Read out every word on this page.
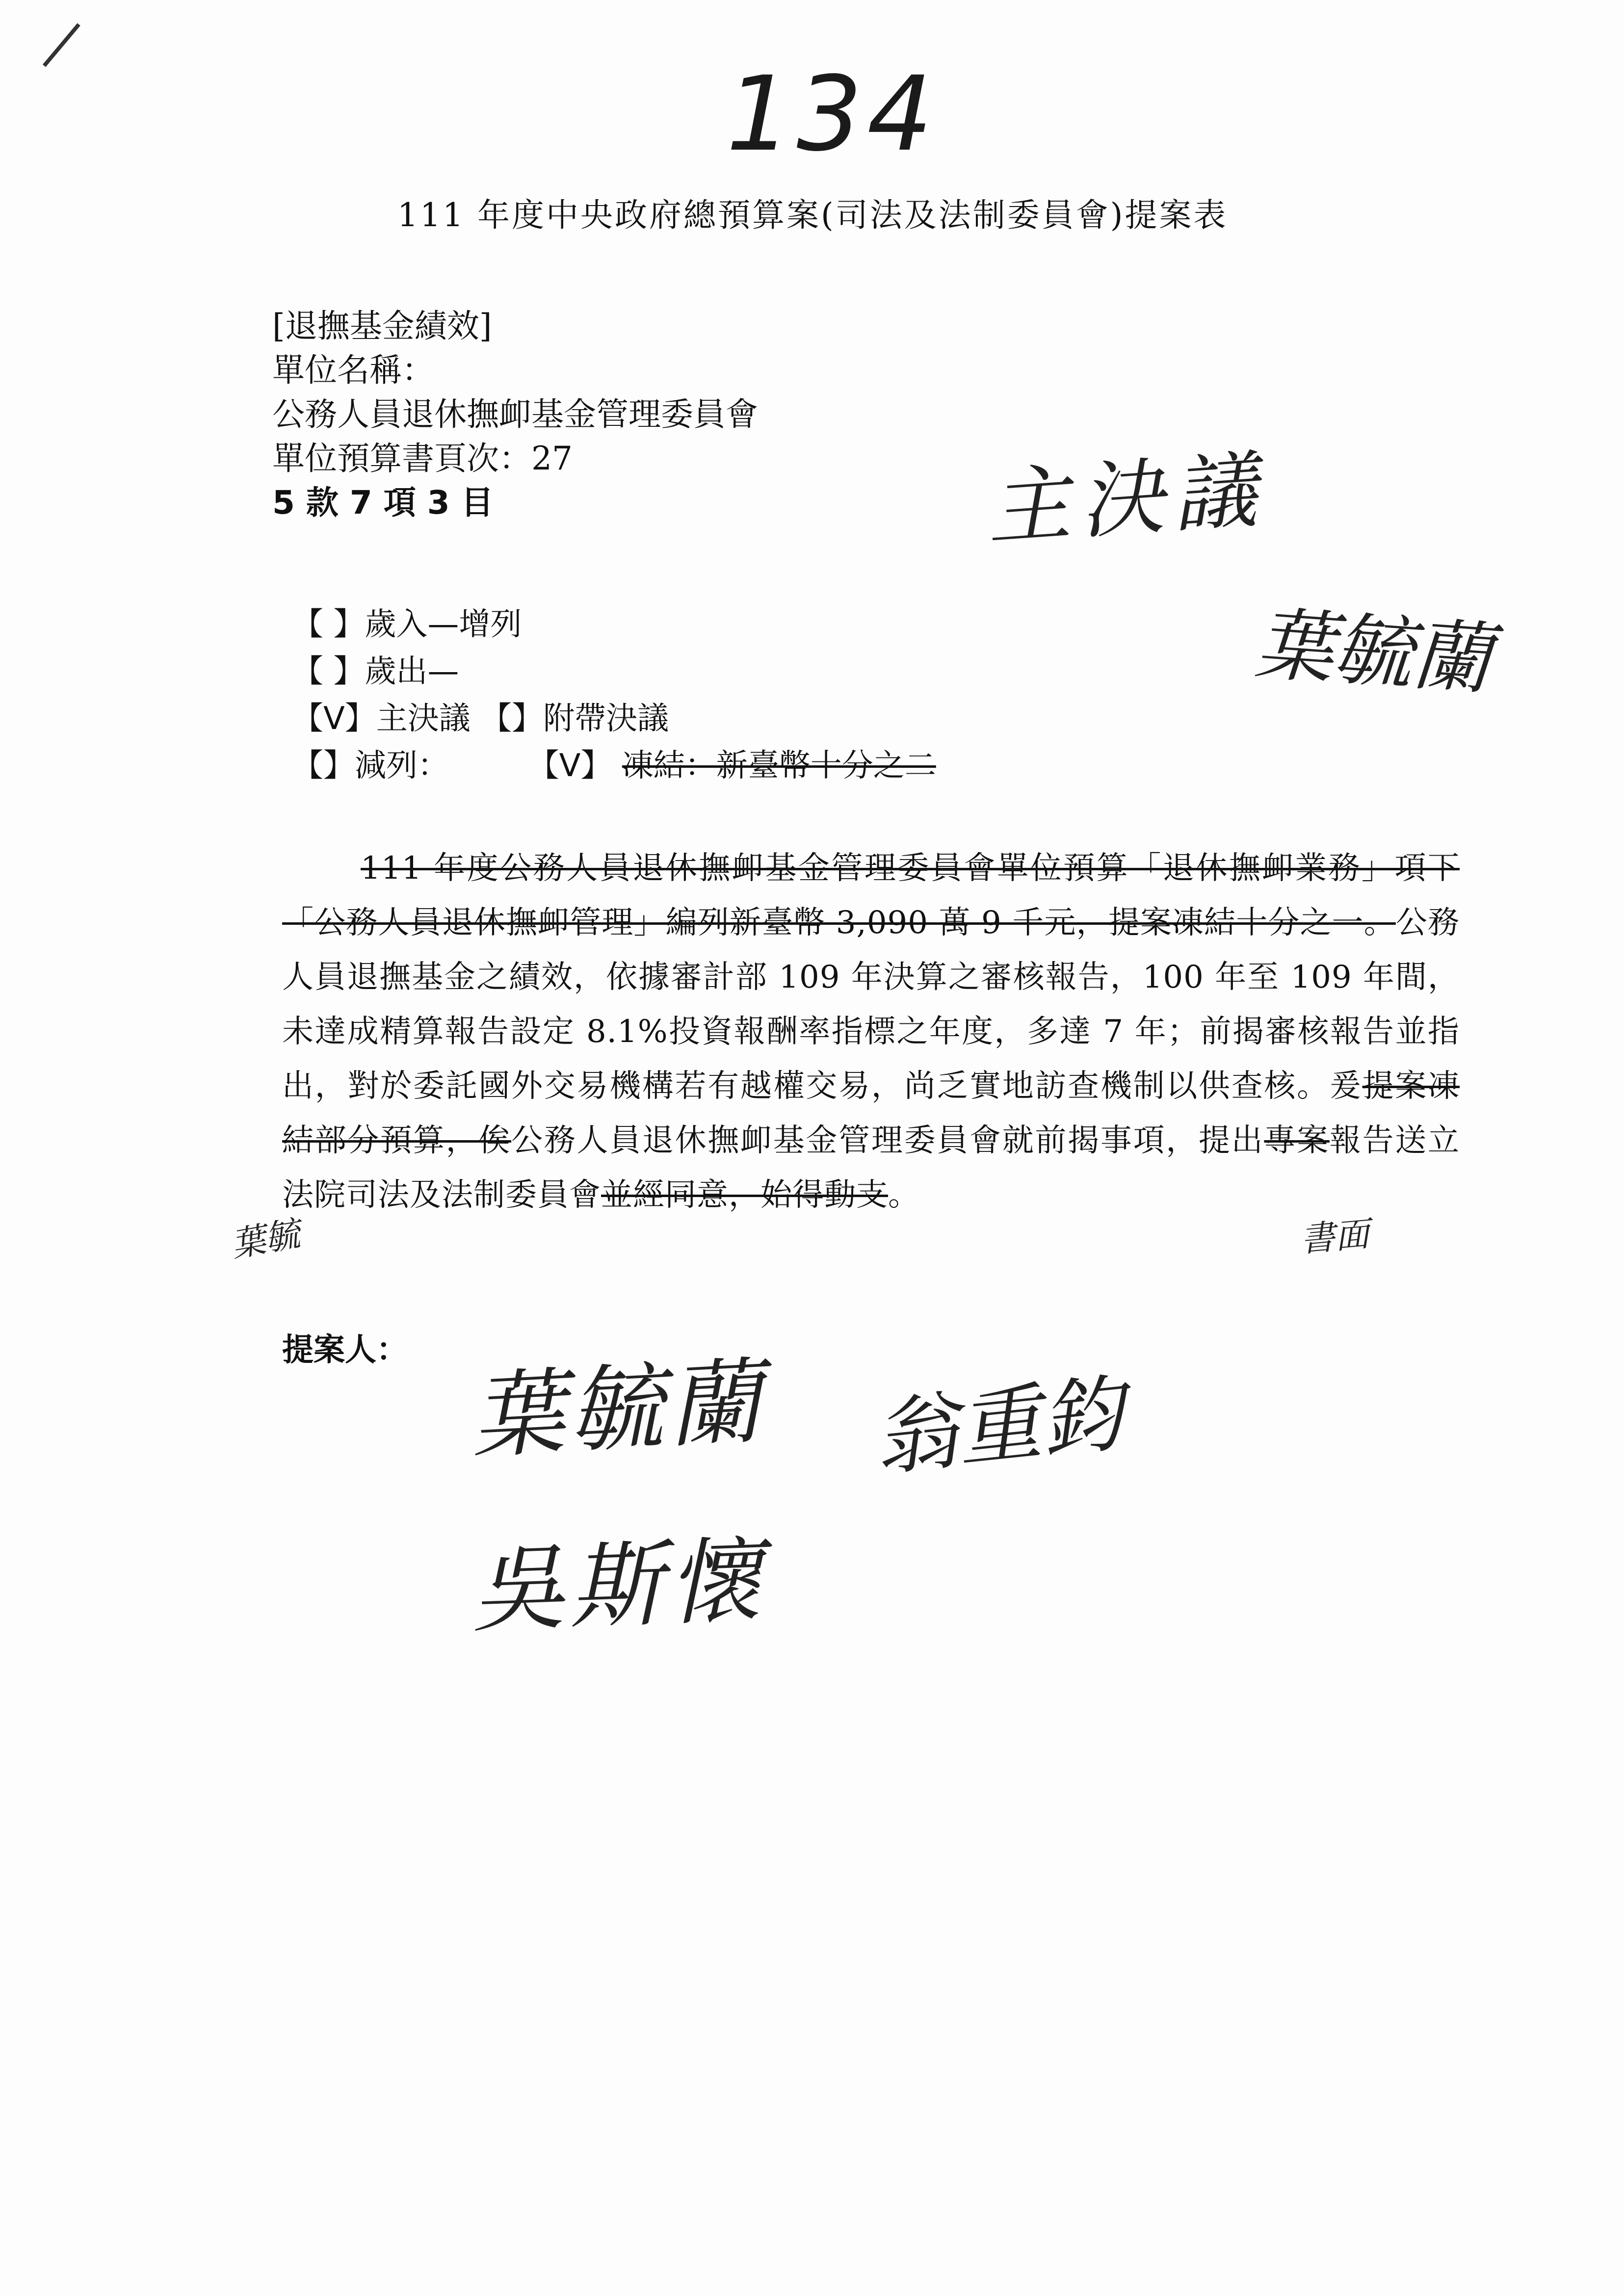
134
111 年度中央政府總預算案(司法及法制委員會)提案表
[退撫基金績效]
單位名稱：
公務人員退休撫卹基金管理委員會
單位預算書頁次：27
5 款 7 項 3 目
【 】歲入—增列
【 】歲出—
【V】主決議 【】附帶決議
【】減列：	【V】 凍結：新臺幣十分之二
111 年度公務人員退休撫卹基金管理委員會單位預算「退休撫卹業務」項下「公務人員退休撫卹管理」編列新臺幣 3,090 萬 9 千元，提案凍結十分之一。公務人員退撫基金之績效，依據審計部 109 年決算之審核報告，100 年至 109 年間，未達成精算報告設定 8.1%投資報酬率指標之年度，多達 7 年；前揭審核報告並指出，對於委託國外交易機構若有越權交易，尚乏實地訪查機制以供查核。爰提案凍結部分預算，俟公務人員退休撫卹基金管理委員會就前揭事項，提出專案報告送立法院司法及法制委員會並經同意，始得動支。
提案人：
主決議
葉毓蘭
葉毓	書面
葉毓蘭 翁重鈞
吳斯懷
